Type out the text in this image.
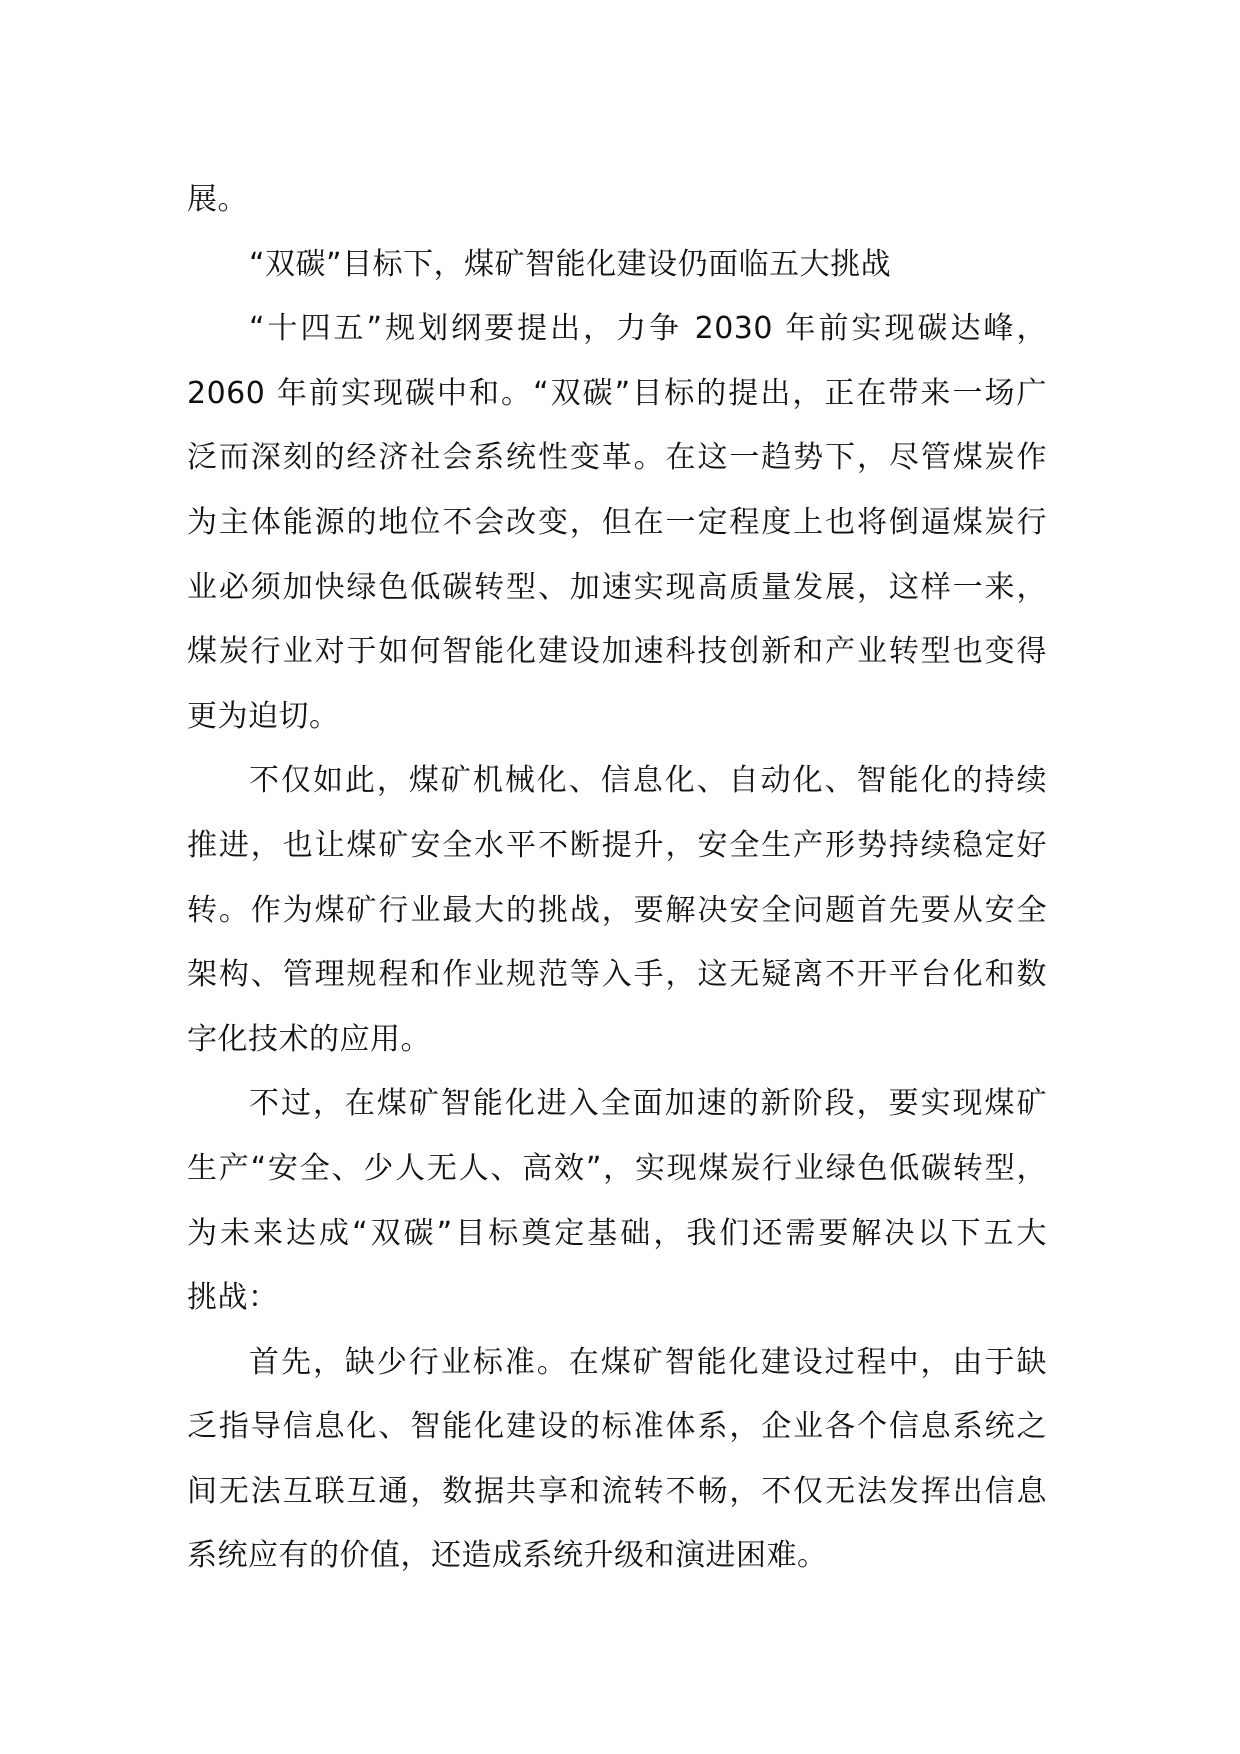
展。
“双碳”目标下，煤矿智能化建设仍面临五大挑战
“十四五”规划纲要提出，力争 2030 年前实现碳达峰，
2060 年前实现碳中和。“双碳”目标的提出，正在带来一场广
泛而深刻的经济社会系统性变革。在这一趋势下，尽管煤炭作
为主体能源的地位不会改变，但在一定程度上也将倒逼煤炭行
业必须加快绿色低碳转型、加速实现高质量发展，这样一来，
煤炭行业对于如何智能化建设加速科技创新和产业转型也变得
更为迫切。
不仅如此，煤矿机械化、信息化、自动化、智能化的持续
推进，也让煤矿安全水平不断提升，安全生产形势持续稳定好
转。作为煤矿行业最大的挑战，要解决安全问题首先要从安全
架构、管理规程和作业规范等入手，这无疑离不开平台化和数
字化技术的应用。
不过，在煤矿智能化进入全面加速的新阶段，要实现煤矿
生产“安全、少人无人、高效”，实现煤炭行业绿色低碳转型，
为未来达成“双碳”目标奠定基础，我们还需要解决以下五大
挑战：
首先，缺少行业标准。在煤矿智能化建设过程中，由于缺
乏指导信息化、智能化建设的标准体系，企业各个信息系统之
间无法互联互通，数据共享和流转不畅，不仅无法发挥出信息
系统应有的价值，还造成系统升级和演进困难。
